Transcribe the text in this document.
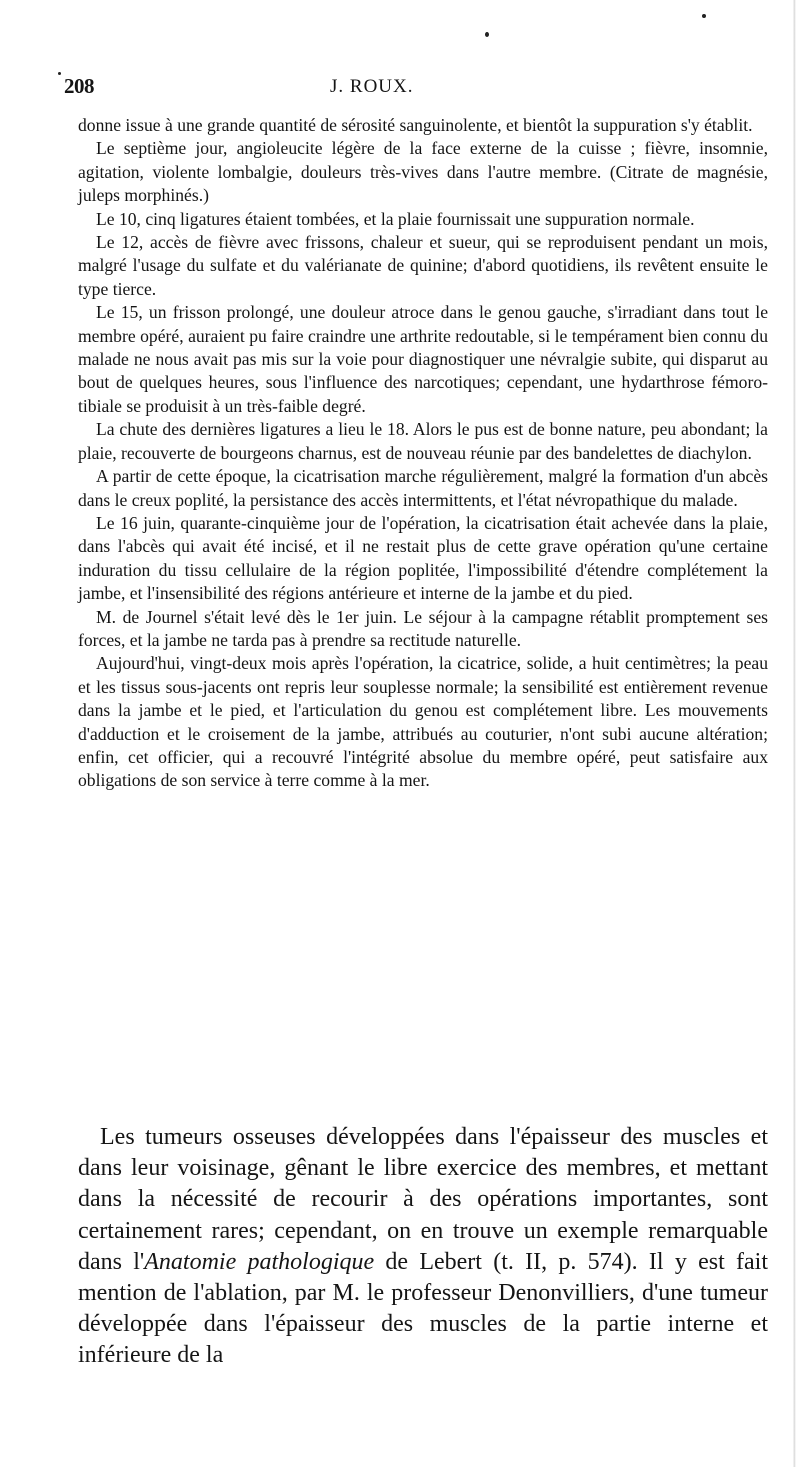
208	J. ROUX.

donne issue à une grande quantité de sérosité sanguinolente, et bientôt la suppuration s'y établit.

Le septième jour, angioleucite légère de la face externe de la cuisse ; fièvre, insomnie, agitation, violente lombalgie, douleurs très-vives dans l'autre membre. (Citrate de magnésie, juleps morphinés.)

Le 10, cinq ligatures étaient tombées, et la plaie fournissait une suppuration normale.

Le 12, accès de fièvre avec frissons, chaleur et sueur, qui se reproduisent pendant un mois, malgré l'usage du sulfate et du valérianate de quinine; d'abord quotidiens, ils revêtent ensuite le type tierce.

Le 15, un frisson prolongé, une douleur atroce dans le genou gauche, s'irradiant dans tout le membre opéré, auraient pu faire craindre une arthrite redoutable, si le tempérament bien connu du malade ne nous avait pas mis sur la voie pour diagnostiquer une névralgie subite, qui disparut au bout de quelques heures, sous l'influence des narcotiques; cependant, une hydarthrose fémoro-tibiale se produisit à un très-faible degré.

La chute des dernières ligatures a lieu le 18. Alors le pus est de bonne nature, peu abondant; la plaie, recouverte de bourgeons charnus, est de nouveau réunie par des bandelettes de diachylon.

A partir de cette époque, la cicatrisation marche régulièrement, malgré la formation d'un abcès dans le creux poplité, la persistance des accès intermittents, et l'état névropathique du malade.

Le 16 juin, quarante-cinquième jour de l'opération, la cicatrisation était achevée dans la plaie, dans l'abcès qui avait été incisé, et il ne restait plus de cette grave opération qu'une certaine induration du tissu cellulaire de la région poplitée, l'impossibilité d'étendre complétement la jambe, et l'insensibilité des régions antérieure et interne de la jambe et du pied.

M. de Journel s'était levé dès le 1er juin. Le séjour à la campagne rétablit promptement ses forces, et la jambe ne tarda pas à prendre sa rectitude naturelle.

Aujourd'hui, vingt-deux mois après l'opération, la cicatrice, solide, a huit centimètres; la peau et les tissus sous-jacents ont repris leur souplesse normale; la sensibilité est entièrement revenue dans la jambe et le pied, et l'articulation du genou est complétement libre. Les mouvements d'adduction et le croisement de la jambe, attribués au couturier, n'ont subi aucune altération; enfin, cet officier, qui a recouvré l'intégrité absolue du membre opéré, peut satisfaire aux obligations de son service à terre comme à la mer.

Les tumeurs osseuses développées dans l'épaisseur des muscles et dans leur voisinage, gênant le libre exercice des membres, et mettant dans la nécessité de recourir à des opérations importantes, sont certainement rares; cependant, on en trouve un exemple remarquable dans l'Anatomie pathologique de Lebert (t. II, p. 574). Il y est fait mention de l'ablation, par M. le professeur Denonvilliers, d'une tumeur développée dans l'épaisseur des muscles de la partie interne et inférieure de la
